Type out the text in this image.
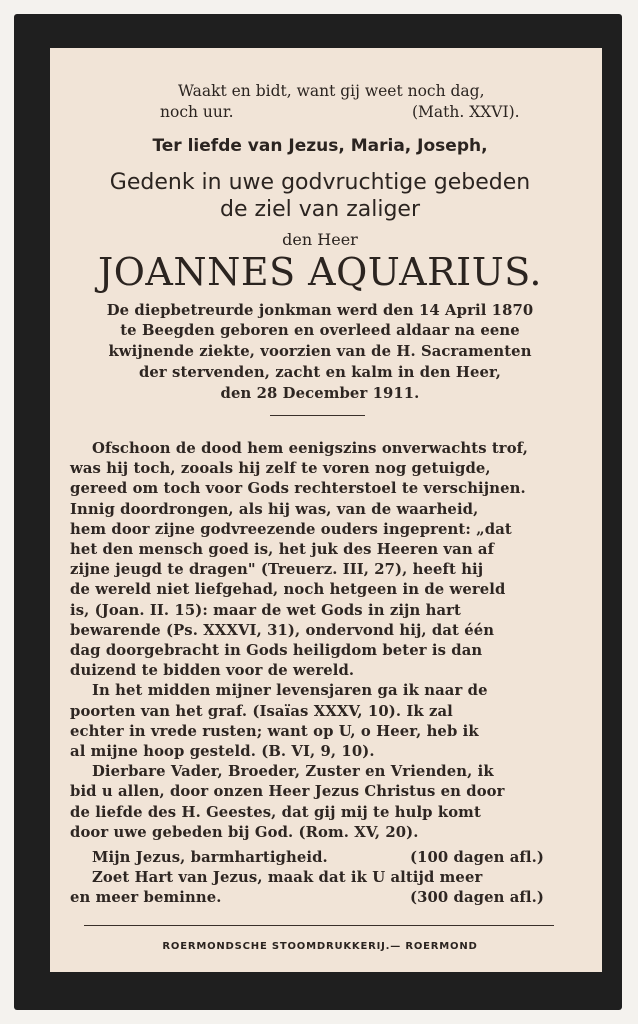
Waakt en bidt, want gij weet noch dag,
noch uur.	(Math. XXVI).
Ter liefde van Jezus, Maria, Joseph,
Gedenk in uwe godvruchtige gebeden
de ziel van zaliger
den Heer
JOANNES AQUARIUS.
De diepbetreurde jonkman werd den 14 April 1870
te Beegden geboren en overleed aldaar na eene
kwijnende ziekte, voorzien van de H. Sacramenten
der stervenden, zacht en kalm in den Heer,
den 28 December 1911.
Ofschoon de dood hem eenigszins onverwachts trof,
was hij toch, zooals hij zelf te voren nog getuigde,
gereed om toch voor Gods rechterstoel te verschijnen.
Innig doordrongen, als hij was, van de waarheid,
hem door zijne godvreezende ouders ingeprent: „dat
het den mensch goed is, het juk des Heeren van af
zijne jeugd te dragen" (Treuerz. III, 27), heeft hij
de wereld niet liefgehad, noch hetgeen in de wereld
is, (Joan. II. 15): maar de wet Gods in zijn hart
bewarende (Ps. XXXVI, 31), ondervond hij, dat één
dag doorgebracht in Gods heiligdom beter is dan
duizend te bidden voor de wereld.
In het midden mijner levensjaren ga ik naar de
poorten van het graf. (Isaïas XXXV, 10). Ik zal
echter in vrede rusten; want op U, o Heer, heb ik
al mijne hoop gesteld. (B. VI, 9, 10).
Dierbare Vader, Broeder, Zuster en Vrienden, ik
bid u allen, door onzen Heer Jezus Christus en door
de liefde des H. Geestes, dat gij mij te hulp komt
door uwe gebeden bij God. (Rom. XV, 20).
Mijn Jezus, barmhartigheid.	(100 dagen afl.)
Zoet Hart van Jezus, maak dat ik U altijd meer
en meer beminne.	(300 dagen afl.)
ROERMONDSCHE STOOMDRUKKERIJ.— ROERMOND
